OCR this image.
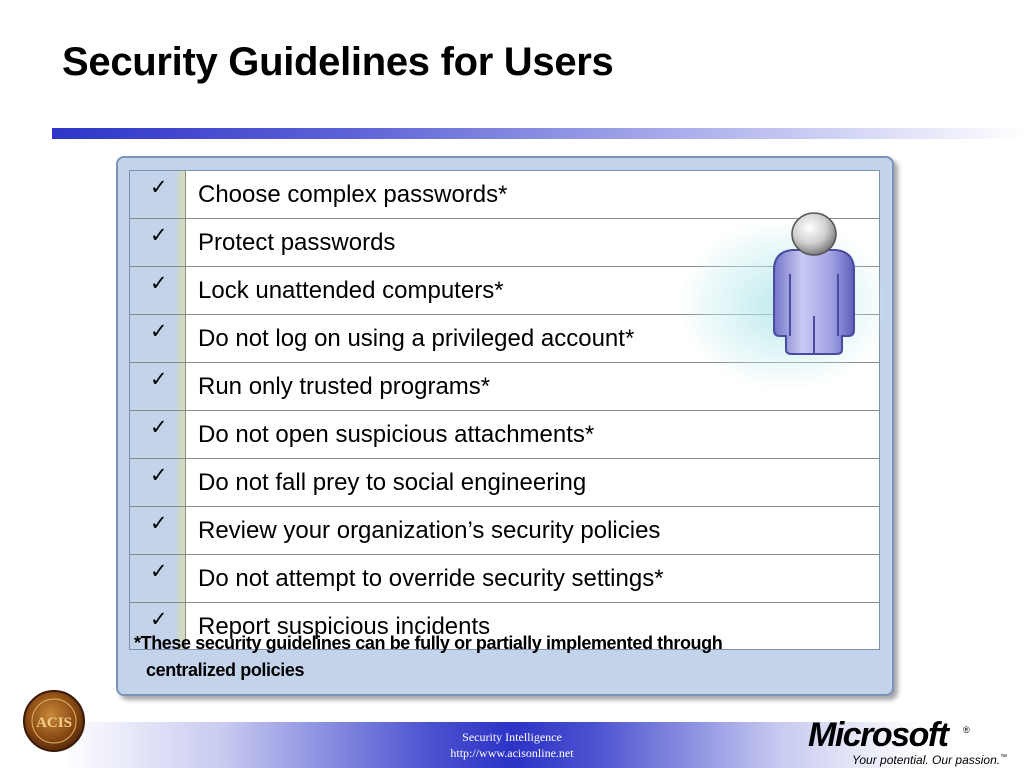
Security Guidelines for Users
✓ Choose complex passwords*
✓ Protect passwords
✓ Lock unattended computers*
✓ Do not log on using a privileged account*
✓ Run only trusted programs*
✓ Do not open suspicious attachments*
✓ Do not fall prey to social engineering
✓ Review your organization’s security policies
✓ Do not attempt to override security settings*
✓ Report suspicious incidents
*These security guidelines can be fully or partially implemented through
centralized policies
Security Intelligence
http://www.acisonline.net
ACIS	Microsoft ®
Your potential. Our passion.™
